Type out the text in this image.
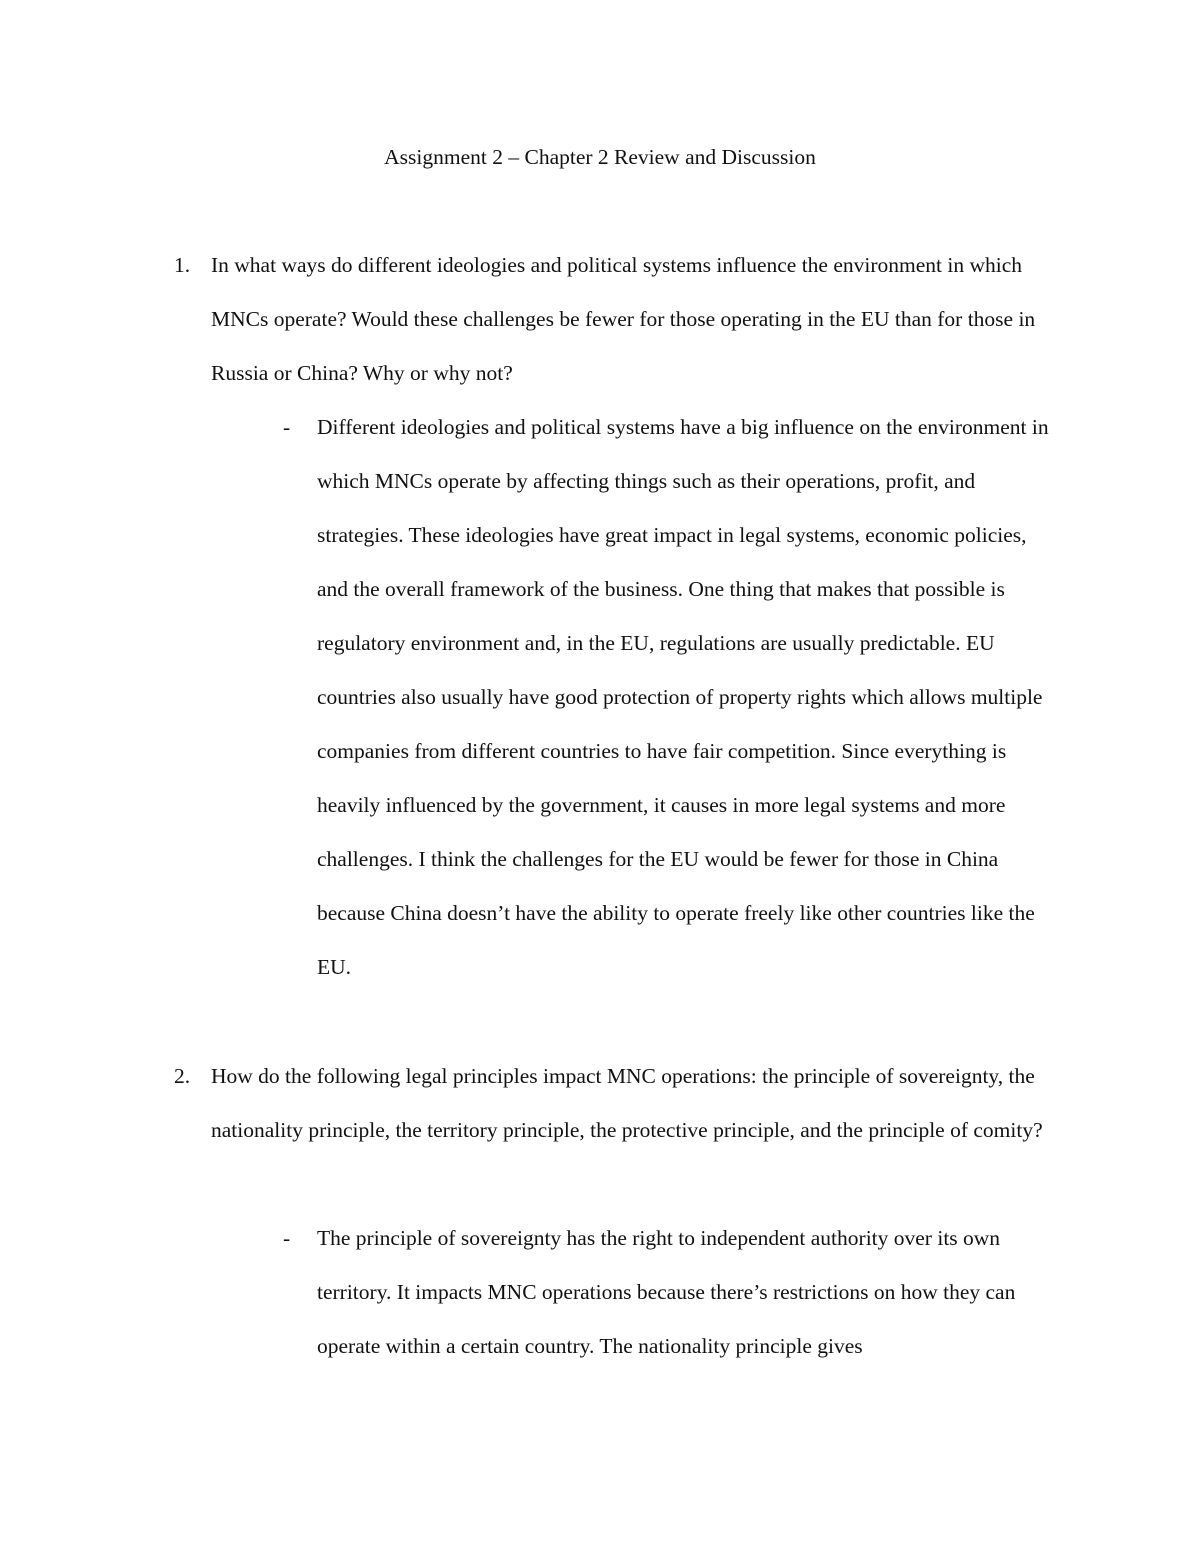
Assignment 2 – Chapter 2 Review and Discussion
1. In what ways do different ideologies and political systems influence the environment in which MNCs operate? Would these challenges be fewer for those operating in the EU than for those in Russia or China? Why or why not?
- Different ideologies and political systems have a big influence on the environment in which MNCs operate by affecting things such as their operations, profit, and strategies. These ideologies have great impact in legal systems, economic policies, and the overall framework of the business. One thing that makes that possible is regulatory environment and, in the EU, regulations are usually predictable. EU countries also usually have good protection of property rights which allows multiple companies from different countries to have fair competition. Since everything is heavily influenced by the government, it causes in more legal systems and more challenges. I think the challenges for the EU would be fewer for those in China because China doesn’t have the ability to operate freely like other countries like the EU.
2. How do the following legal principles impact MNC operations: the principle of sovereignty, the nationality principle, the territory principle, the protective principle, and the principle of comity?
- The principle of sovereignty has the right to independent authority over its own territory. It impacts MNC operations because there’s restrictions on how they can operate within a certain country. The nationality principle gives
